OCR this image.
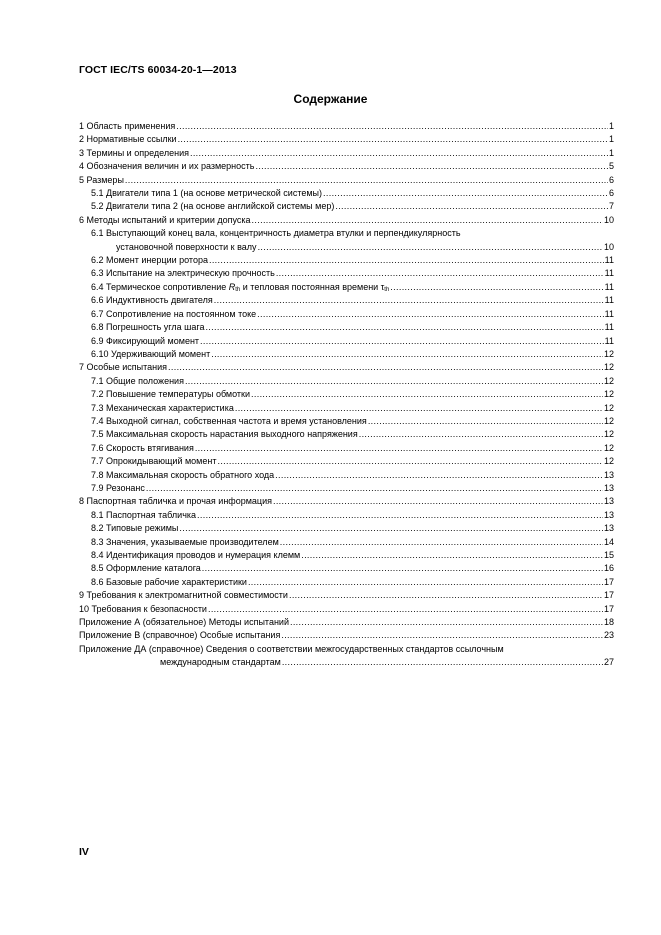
ГОСТ IEC/TS 60034-20-1—2013
Содержание
1 Область применения .....	1
2 Нормативные ссылки .....	1
3 Термины и определения .....	1
4 Обозначения величин и их размерность .....	5
5 Размеры .....	6
5.1 Двигатели типа 1 (на основе метрической системы) .....	6
5.2 Двигатели типа 2 (на основе английской системы мер) .....	7
6 Методы испытаний и критерии допуска .....	10
6.1 Выступающий конец вала, концентричность диаметра втулки и перпендикулярность
установочной поверхности к валу .....	10
6.2 Момент инерции ротора .....	11
6.3 Испытание на электрическую прочность .....	11
6.4 Термическое сопротивление $R_{th}$ и тепловая постоянная времени $\tau_{th}$ .....	11
6.6 Индуктивность двигателя .....	11
6.7 Сопротивление на постоянном токе .....	11
6.8 Погрешность угла шага .....	11
6.9 Фиксирующий момент .....	11
6.10 Удерживающий момент .....	12
7 Особые испытания .....	12
7.1 Общие положения .....	12
7.2 Повышение температуры обмотки .....	12
7.3 Механическая характеристика .....	12
7.4 Выходной сигнал, собственная частота и время установления .....	12
7.5 Максимальная скорость нарастания выходного напряжения .....	12
7.6 Скорость втягивания .....	12
7.7 Опрокидывающий момент .....	12
7.8 Максимальная скорость обратного хода .....	13
7.9 Резонанс .....	13
8 Паспортная табличка и прочая информация .....	13
8.1 Паспортная табличка .....	13
8.2 Типовые режимы .....	13
8.3 Значения, указываемые производителем .....	14
8.4 Идентификация проводов и нумерация клемм .....	15
8.5 Оформление каталога .....	16
8.6 Базовые рабочие характеристики .....	17
9 Требования к электромагнитной совместимости .....	17
10 Требования к безопасности .....	17
Приложение А (обязательное) Методы испытаний .....	18
Приложение В (справочное) Особые испытания .....	23
Приложение ДА (справочное) Сведения о соответствии межгосударственных стандартов ссылочным
международным стандартам .....	27
IV
